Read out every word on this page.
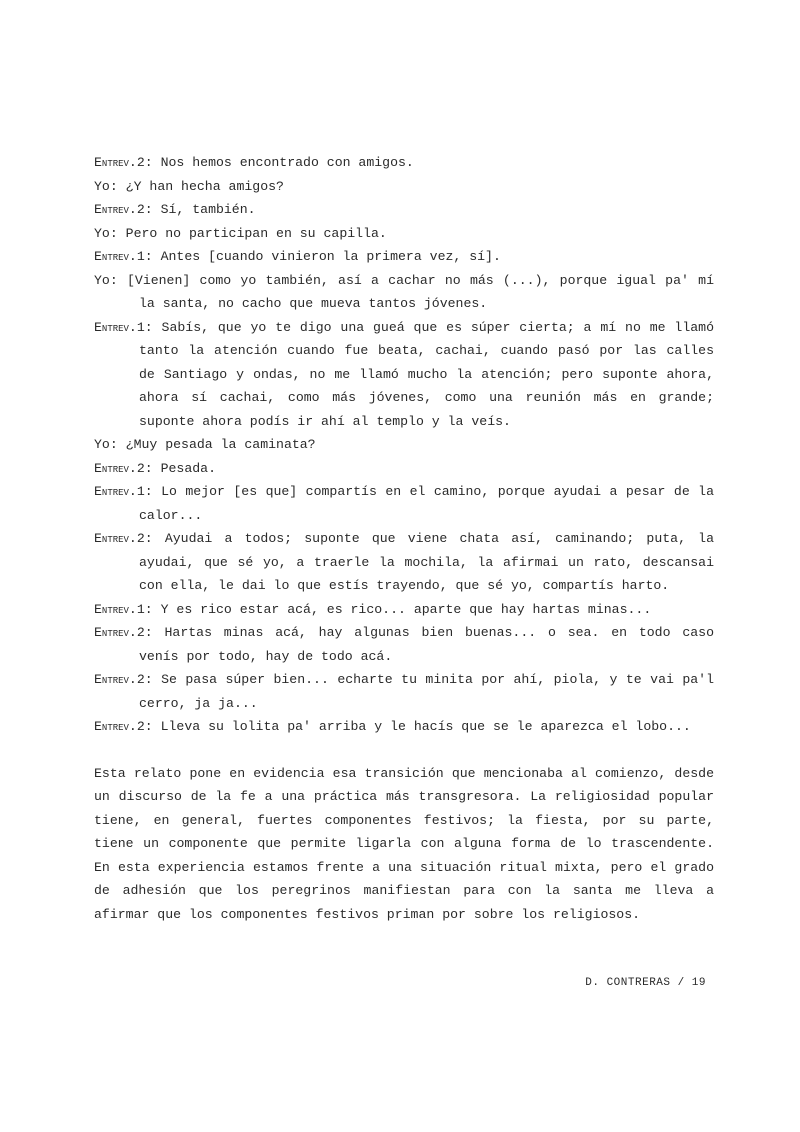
Entrev.2: Nos hemos encontrado con amigos.

Yo: ¿Y han hecha amigos?

Entrev.2: Sí, también.

Yo: Pero no participan en su capilla.

Entrev.1: Antes [cuando vinieron la primera vez, sí].

Yo: [Vienen] como yo también, así a cachar no más (...), porque igual pa' mí la santa, no cacho que mueva tantos jóvenes.

Entrev.1: Sabís, que yo te digo una gueá que es súper cierta; a mí no me llamó tanto la atención cuando fue beata, cachai, cuando pasó por las calles de Santiago y ondas, no me llamó mucho la atención; pero suponte ahora, ahora sí cachai, como más jóvenes, como una reunión más en grande; suponte ahora podís ir ahí al templo y la veís.

Yo: ¿Muy pesada la caminata?

Entrev.2: Pesada.

Entrev.1: Lo mejor [es que] compartís en el camino, porque ayudai a pesar de la calor...

Entrev.2: Ayudai a todos; suponte que viene chata así, caminando; puta, la ayudai, que sé yo, a traerle la mochila, la afirmai un rato, descansai con ella, le dai lo que estís trayendo, que sé yo, compartís harto.

Entrev.1: Y es rico estar acá, es rico... aparte que hay hartas minas...

Entrev.2: Hartas minas acá, hay algunas bien buenas... o sea. en todo caso venís por todo, hay de todo acá.

Entrev.2: Se pasa súper bien... echarte tu minita por ahí, piola, y te vai pa'l cerro, ja ja...

Entrev.2: Lleva su lolita pa' arriba y le hacís que se le aparezca el lobo...

Esta relato pone en evidencia esa transición que mencionaba al comienzo, desde un discurso de la fe a una práctica más transgresora. La religiosidad popular tiene, en general, fuertes componentes festivos; la fiesta, por su parte, tiene un componente que permite ligarla con alguna forma de lo trascendente. En esta experiencia estamos frente a una situación ritual mixta, pero el grado de adhesión que los peregrinos manifiestan para con la santa me lleva a afirmar que los componentes festivos priman por sobre los religiosos.

D. CONTRERAS / 19
